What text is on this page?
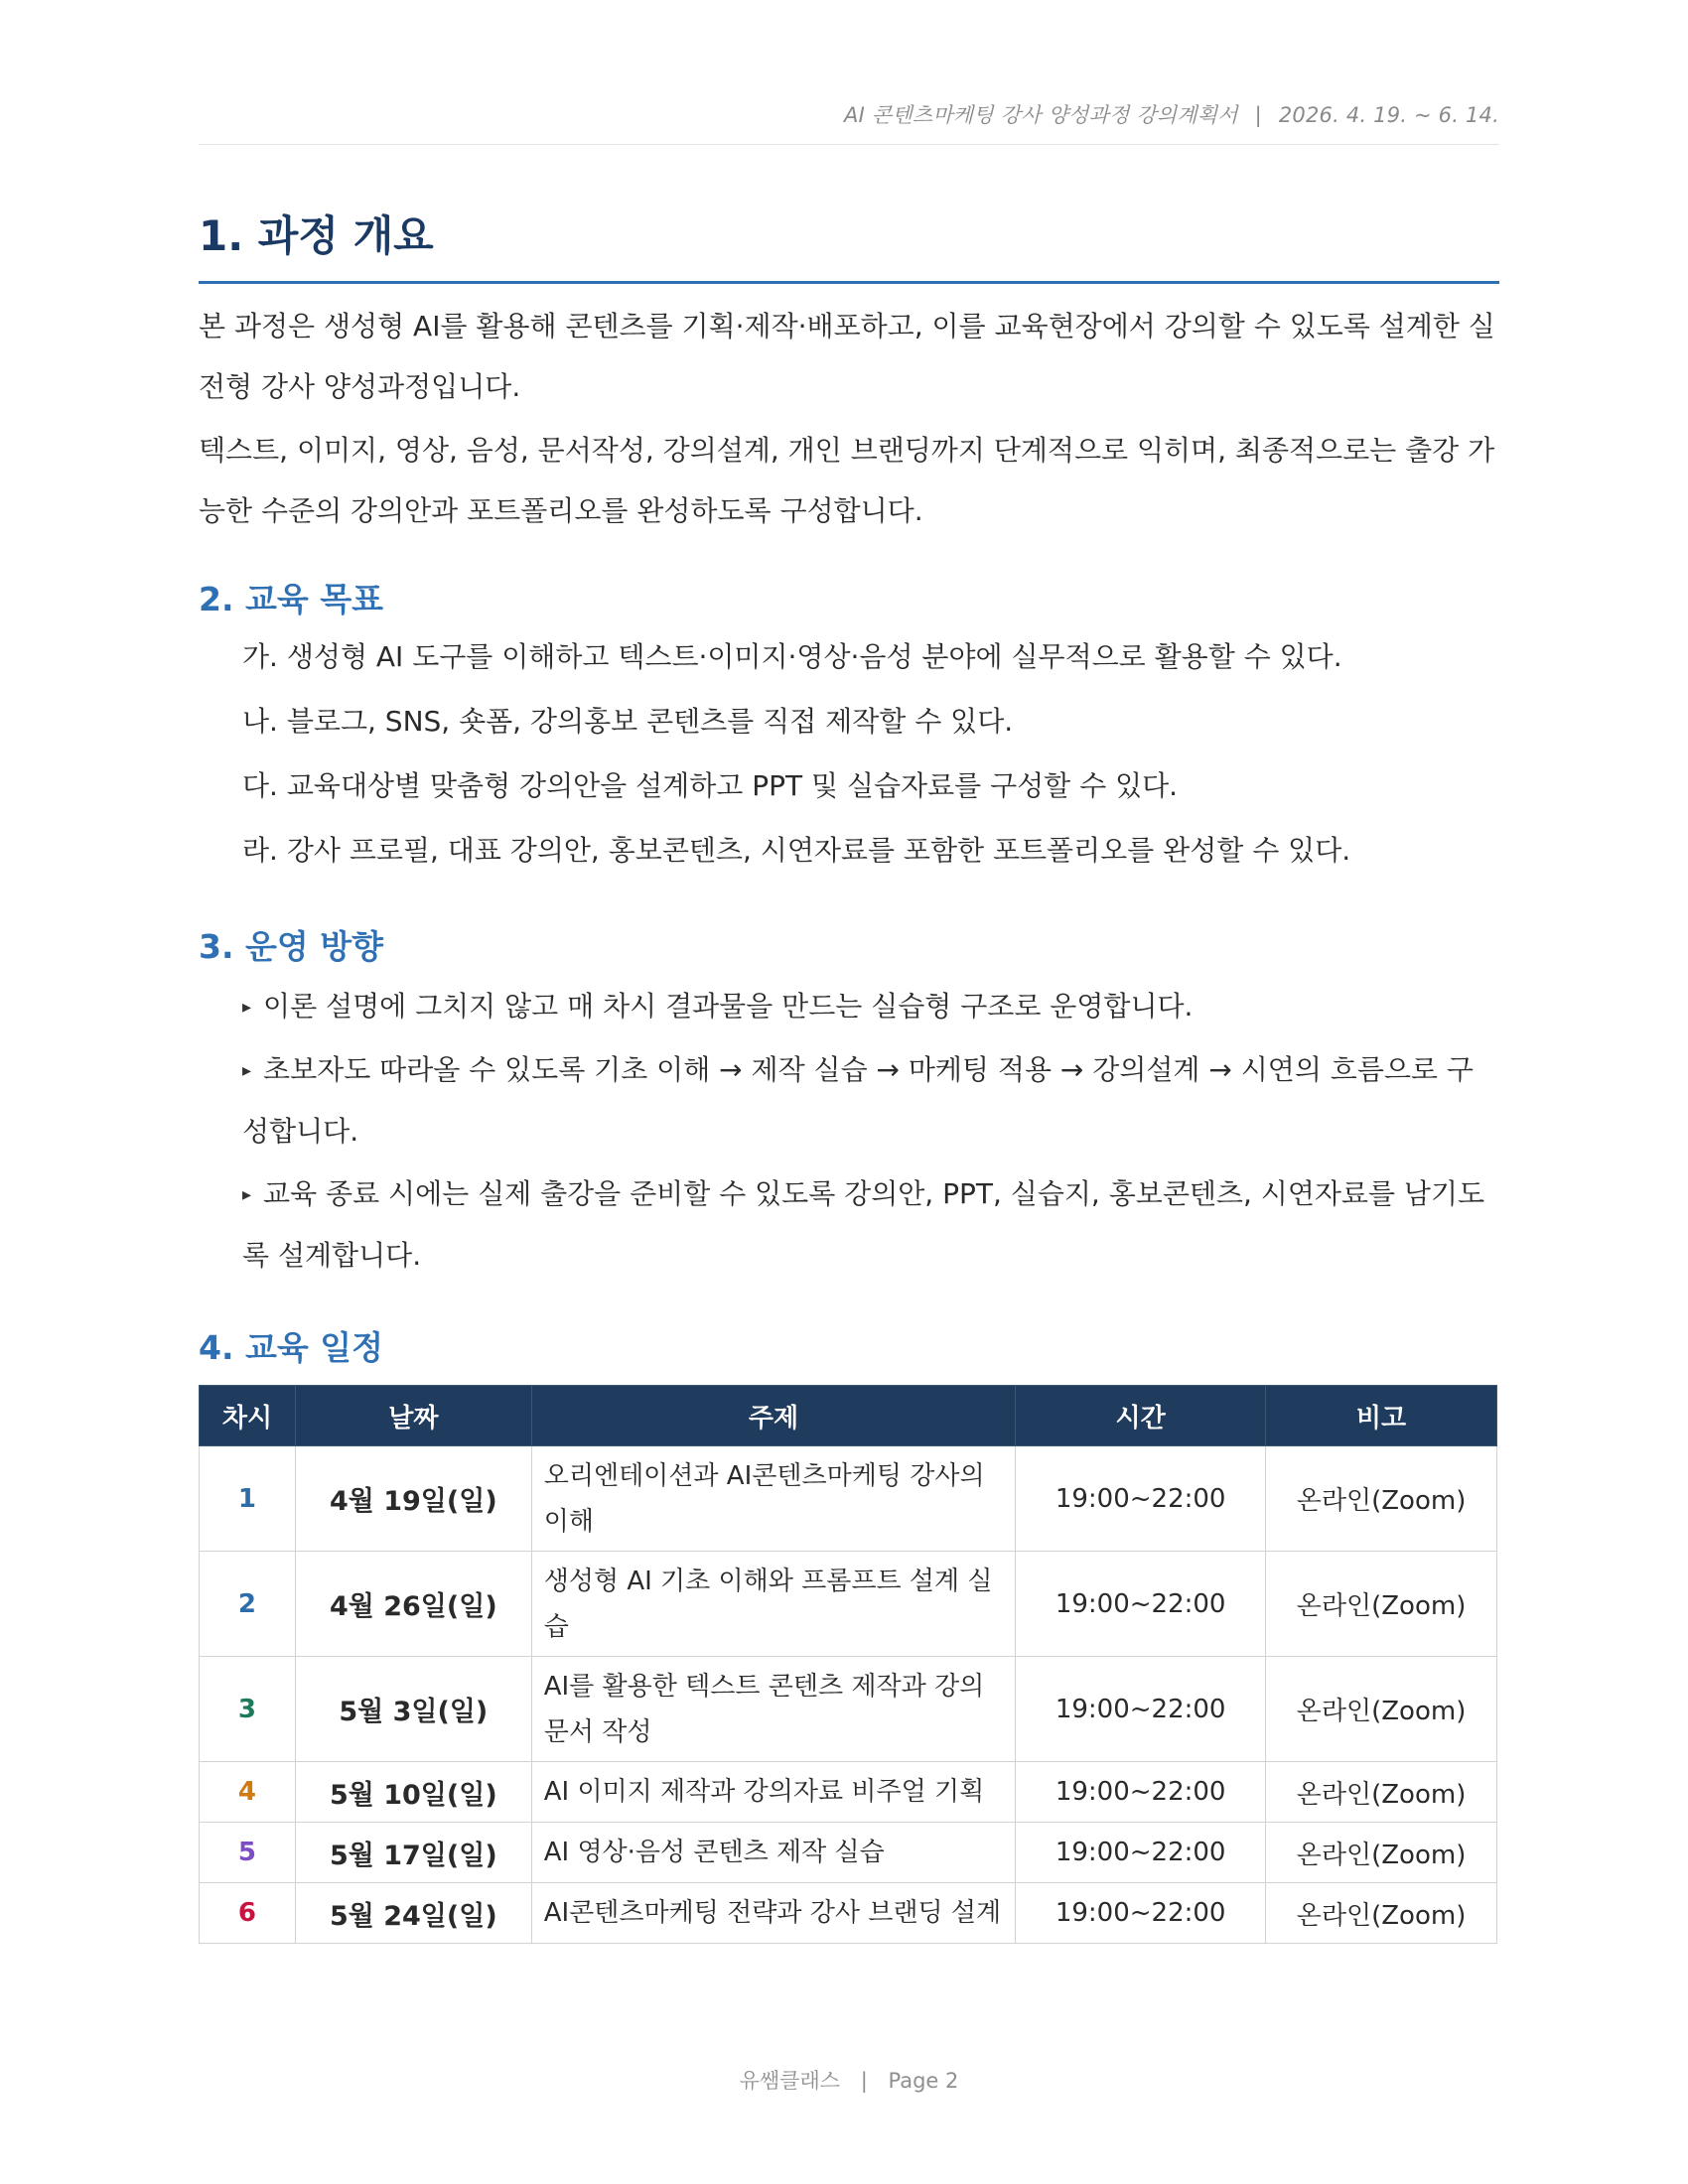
AI 콘텐츠마케팅 강사 양성과정 강의계획서 | 2026. 4. 19. ~ 6. 14.
1. 과정 개요

본 과정은 생성형 AI를 활용해 콘텐츠를 기획·제작·배포하고, 이를 교육현장에서 강의할 수 있도록 설계한 실전형 강사 양성과정입니다.

텍스트, 이미지, 영상, 음성, 문서작성, 강의설계, 개인 브랜딩까지 단계적으로 익히며, 최종적으로는 출강 가능한 수준의 강의안과 포트폴리오를 완성하도록 구성합니다.

2. 교육 목표
가. 생성형 AI 도구를 이해하고 텍스트·이미지·영상·음성 분야에 실무적으로 활용할 수 있다.
나. 블로그, SNS, 숏폼, 강의홍보 콘텐츠를 직접 제작할 수 있다.
다. 교육대상별 맞춤형 강의안을 설계하고 PPT 및 실습자료를 구성할 수 있다.
라. 강사 프로필, 대표 강의안, 홍보콘텐츠, 시연자료를 포함한 포트폴리오를 완성할 수 있다.
3. 운영 방향
▸ 이론 설명에 그치지 않고 매 차시 결과물을 만드는 실습형 구조로 운영합니다.
▸ 초보자도 따라올 수 있도록 기초 이해 → 제작 실습 → 마케팅 적용 → 강의설계 → 시연의 흐름으로 구성합니다.
▸ 교육 종료 시에는 실제 출강을 준비할 수 있도록 강의안, PPT, 실습지, 홍보콘텐츠, 시연자료를 남기도록 설계합니다.
4. 교육 일정
차시	날짜	주제	시간	비고
1	4월 19일(일)	오리엔테이션과 AI콘텐츠마케팅 강사의 이해	19:00~22:00	온라인(Zoom)
2	4월 26일(일)	생성형 AI 기초 이해와 프롬프트 설계 실습	19:00~22:00	온라인(Zoom)
3	5월 3일(일)	AI를 활용한 텍스트 콘텐츠 제작과 강의문서 작성	19:00~22:00	온라인(Zoom)
4	5월 10일(일)	AI 이미지 제작과 강의자료 비주얼 기획	19:00~22:00	온라인(Zoom)
5	5월 17일(일)	AI 영상·음성 콘텐츠 제작 실습	19:00~22:00	온라인(Zoom)
6	5월 24일(일)	AI콘텐츠마케팅 전략과 강사 브랜딩 설계	19:00~22:00	온라인(Zoom)
유쌤클래스 | Page 2
